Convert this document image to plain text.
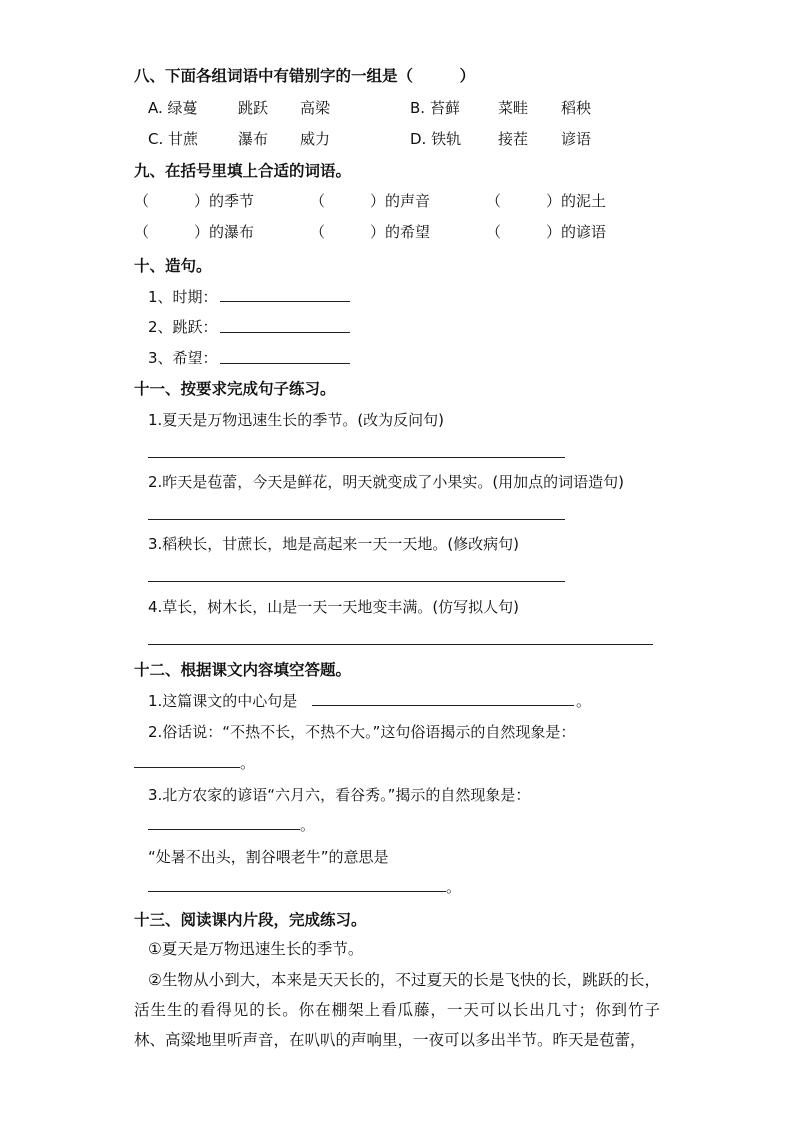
八、下面各组词语中有错别字的一组是（　　　）
A. 绿蔓	跳跃 高梁	B. 苔藓	菜畦 稻秧
C. 甘蔗	瀑布 威力	D. 铁轨 接茬 谚语
九、在括号里填上合适的词语。
（　　　）的季节	（　　　）的声音	（　　　）的泥土
（　　　）的瀑布	（　　　）的希望	（　　　）的谚语
十、造句。
1、时期：
2、跳跃：
3、希望：
十一、按要求完成句子练习。
1.夏天是万物迅速生长的季节。(改为反问句)
2.昨天是苞蕾，今天是鲜花，明天就变成了小果实。(用加点的词语造句)
3.稻秧长，甘蔗长，地是高起来一天一天地。(修改病句)
4.草长，树木长，山是一天一天地变丰满。(仿写拟人句)
十二、根据课文内容填空答题。
1.这篇课文的中心句是	。
2.俗话说：“不热不长，不热不大。”这句俗语揭示的自然现象是：
。
3.北方农家的谚语“六月六，看谷秀。”揭示的自然现象是：
。
“处暑不出头，割谷喂老牛”的意思是
。
十三、阅读课内片段，完成练习。
①夏天是万物迅速生长的季节。
②生物从小到大，本来是天天长的，不过夏天的长是飞快的长，跳跃的长，活生生的看得见的长。你在棚架上看瓜藤，一天可以长出几寸；你到竹子林、高粱地里听声音，在叭叭的声响里，一夜可以多出半节。昨天是苞蕾，
